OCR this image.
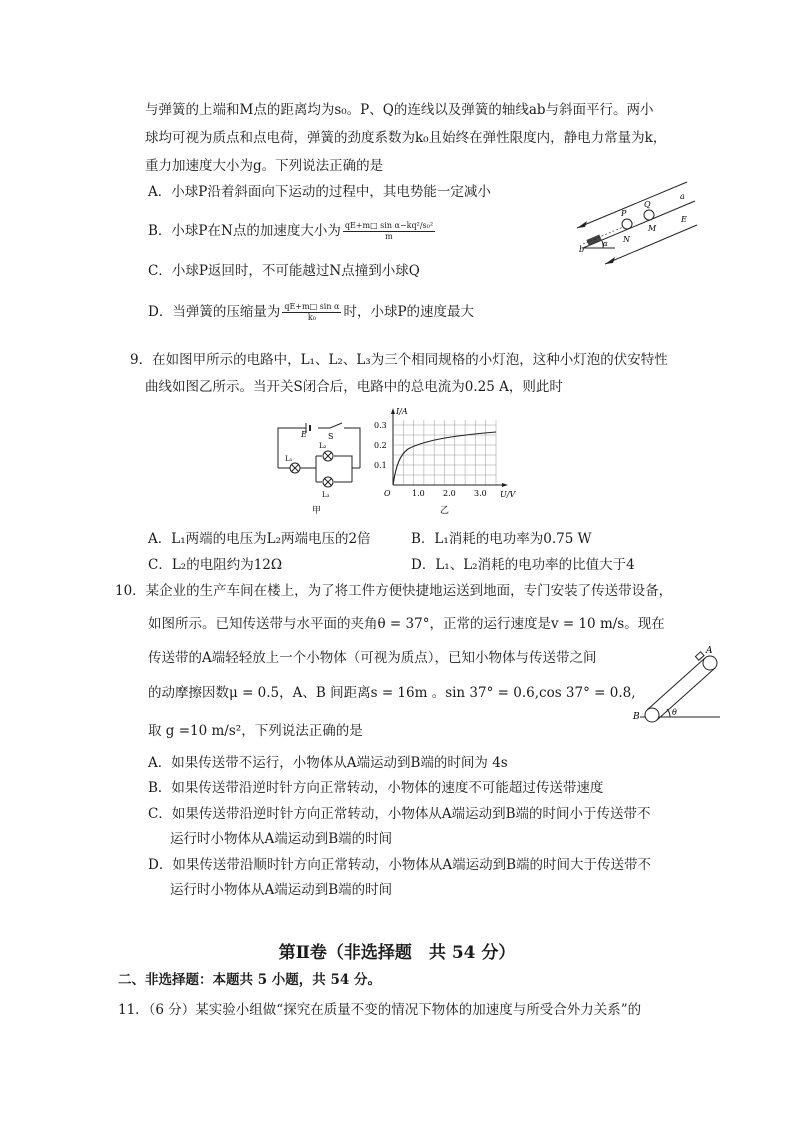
与弹簧的上端和M点的距离均为s₀。P、Q的连线以及弹簧的轴线ab与斜面平行。两小
球均可视为质点和点电荷，弹簧的劲度系数为k₀且始终在弹性限度内，静电力常量为k，
重力加速度大小为g。下列说法正确的是
A．小球P沿着斜面向下运动的过程中，其电势能一定减小
B．小球P在N点的加速度大小为 $\frac{\text{qE+m□ sin α−kq²/s₀²}}{m}$
C．小球P返回时，不可能越过N点撞到小球Q
D．当弹簧的压缩量为 $\frac{\text{qE+m□ sin α}}{\text{k₀}}$ 时，小球P的速度最大
P
Q
a
E
M
N
b
α
9．在如图甲所示的电路中，L₁、L₂、L₃为三个相同规格的小灯泡，这种小灯泡的伏安特性
曲线如图乙所示。当开关S闭合后，电路中的总电流为0.25 A，则此时
E	S
L₁
L₂
L₃
甲
I/A
U/V
O
0.3
0.2
0.1
1.0 2.0 3.0
乙
A．L₁两端的电压为L₂两端电压的2倍	B．L₁消耗的电功率为0.75 W
C．L₂的电阻约为12Ω	D．L₁、L₂消耗的电功率的比值大于4
10．某企业的生产车间在楼上，为了将工件方便快捷地运送到地面，专门安装了传送带设备，
如图所示。已知传送带与水平面的夹角θ = 37°，正常的运行速度是v = 10 m/s。现在
传送带的A端轻轻放上一个小物体（可视为质点），已知小物体与传送带之间
的动摩擦因数μ = 0.5，A、B 间距离s = 16m 。sin 37° = 0.6,cos 37° = 0.8,
取 g =10 m/s²，下列说法正确的是
A
B	θ
A．如果传送带不运行，小物体从A端运动到B端的时间为 4s
B．如果传送带沿逆时针方向正常转动，小物体的速度不可能超过传送带速度
C．如果传送带沿逆时针方向正常转动，小物体从A端运动到B端的时间小于传送带不
运行时小物体从A端运动到B端的时间
D．如果传送带沿顺时针方向正常转动，小物体从A端运动到B端的时间大于传送带不
运行时小物体从A端运动到B端的时间
第Ⅱ卷（非选择题　共 54 分）
二、非选择题：本题共 5 小题，共 54 分。
11．（6 分）某实验小组做“探究在质量不变的情况下物体的加速度与所受合外力关系”的
